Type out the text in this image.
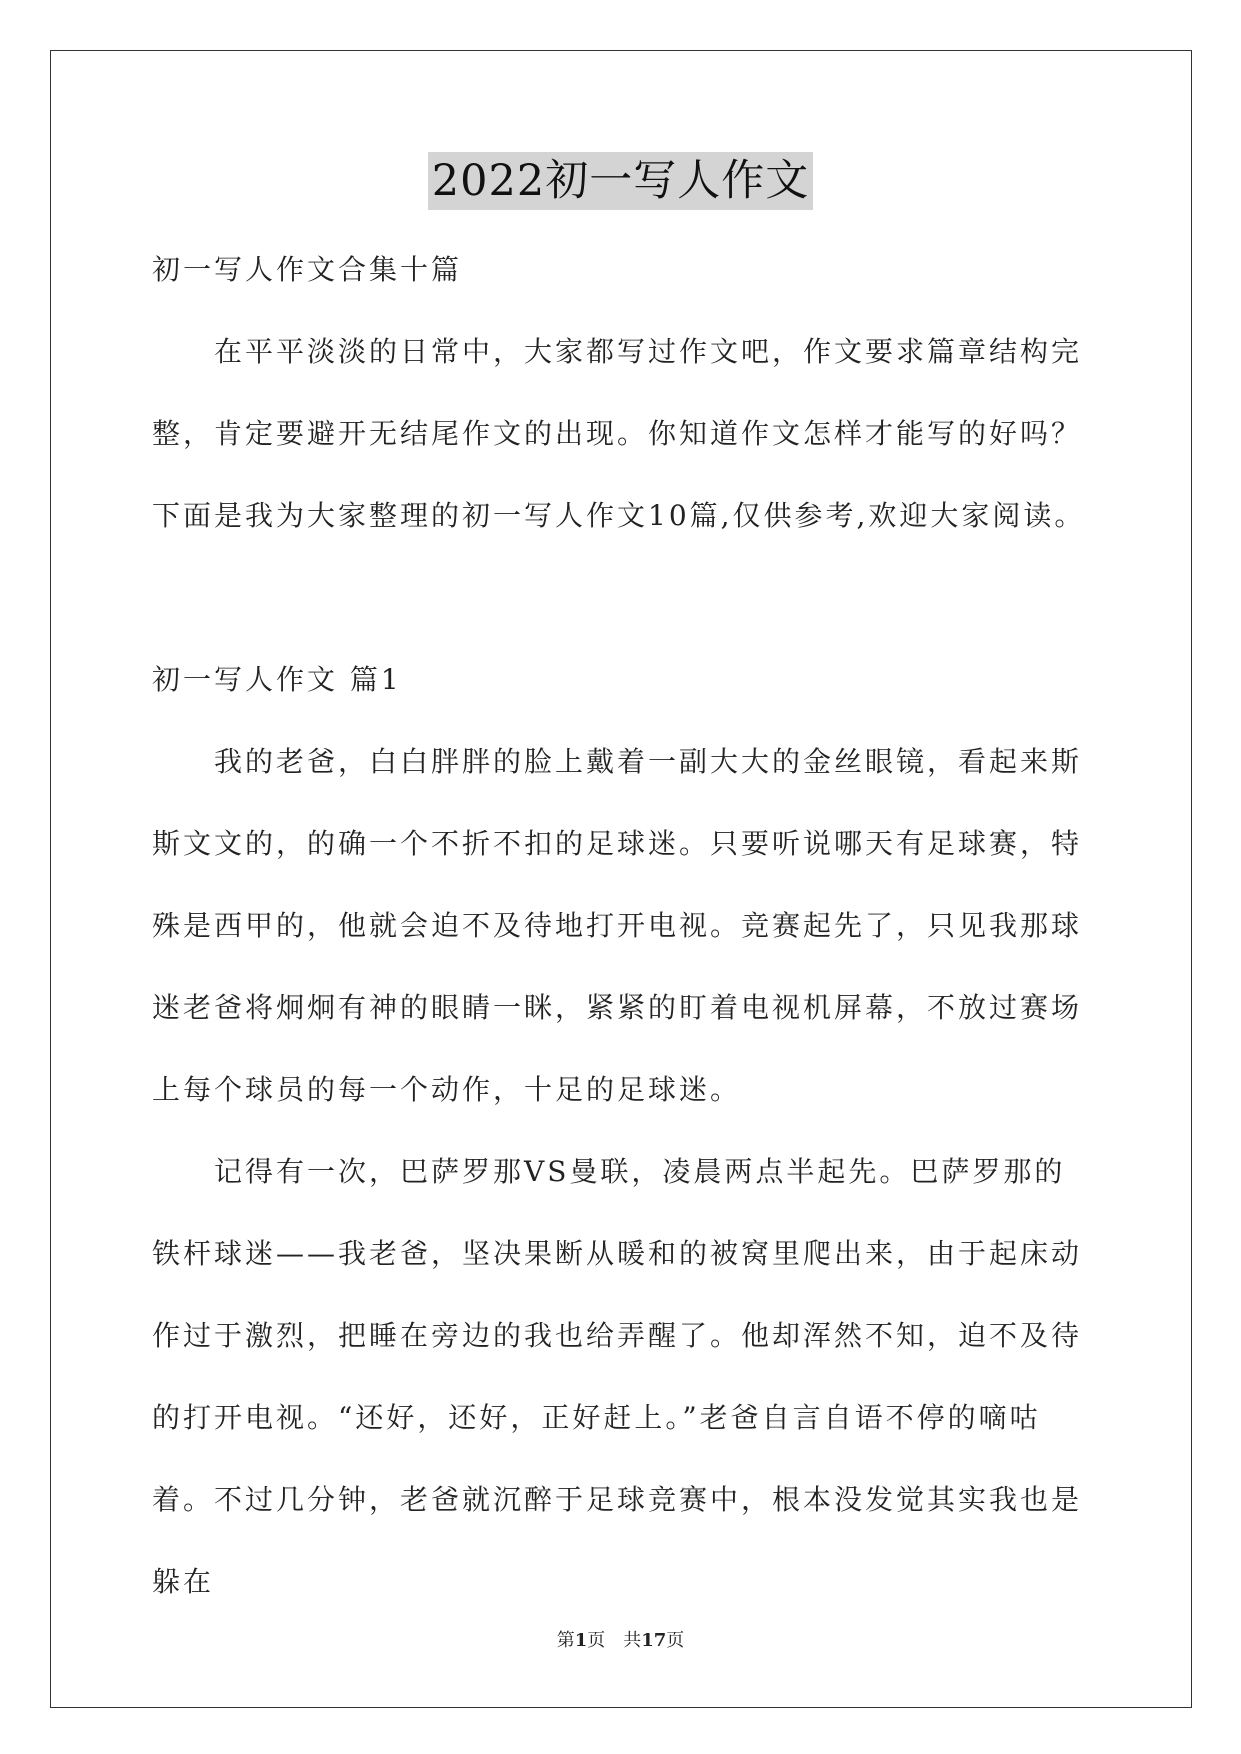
2022初一写人作文

初一写人作文合集十篇

在平平淡淡的日常中，大家都写过作文吧，作文要求篇章结构完整，肯定要避开无结尾作文的出现。你知道作文怎样才能写的好吗？下面是我为大家整理的初一写人作文10篇,仅供参考,欢迎大家阅读。

初一写人作文 篇1

我的老爸，白白胖胖的脸上戴着一副大大的金丝眼镜，看起来斯斯文文的，的确一个不折不扣的足球迷。只要听说哪天有足球赛，特殊是西甲的，他就会迫不及待地打开电视。竞赛起先了，只见我那球迷老爸将炯炯有神的眼睛一眯，紧紧的盯着电视机屏幕，不放过赛场上每个球员的每一个动作，十足的足球迷。

记得有一次，巴萨罗那VS曼联，凌晨两点半起先。巴萨罗那的铁杆球迷——我老爸，坚决果断从暖和的被窝里爬出来，由于起床动作过于激烈，把睡在旁边的我也给弄醒了。他却浑然不知，迫不及待的打开电视。“还好，还好，正好赶上。”老爸自言自语不停的嘀咕着。不过几分钟，老爸就沉醉于足球竞赛中，根本没发觉其实我也是躲在

第1页　共17页
